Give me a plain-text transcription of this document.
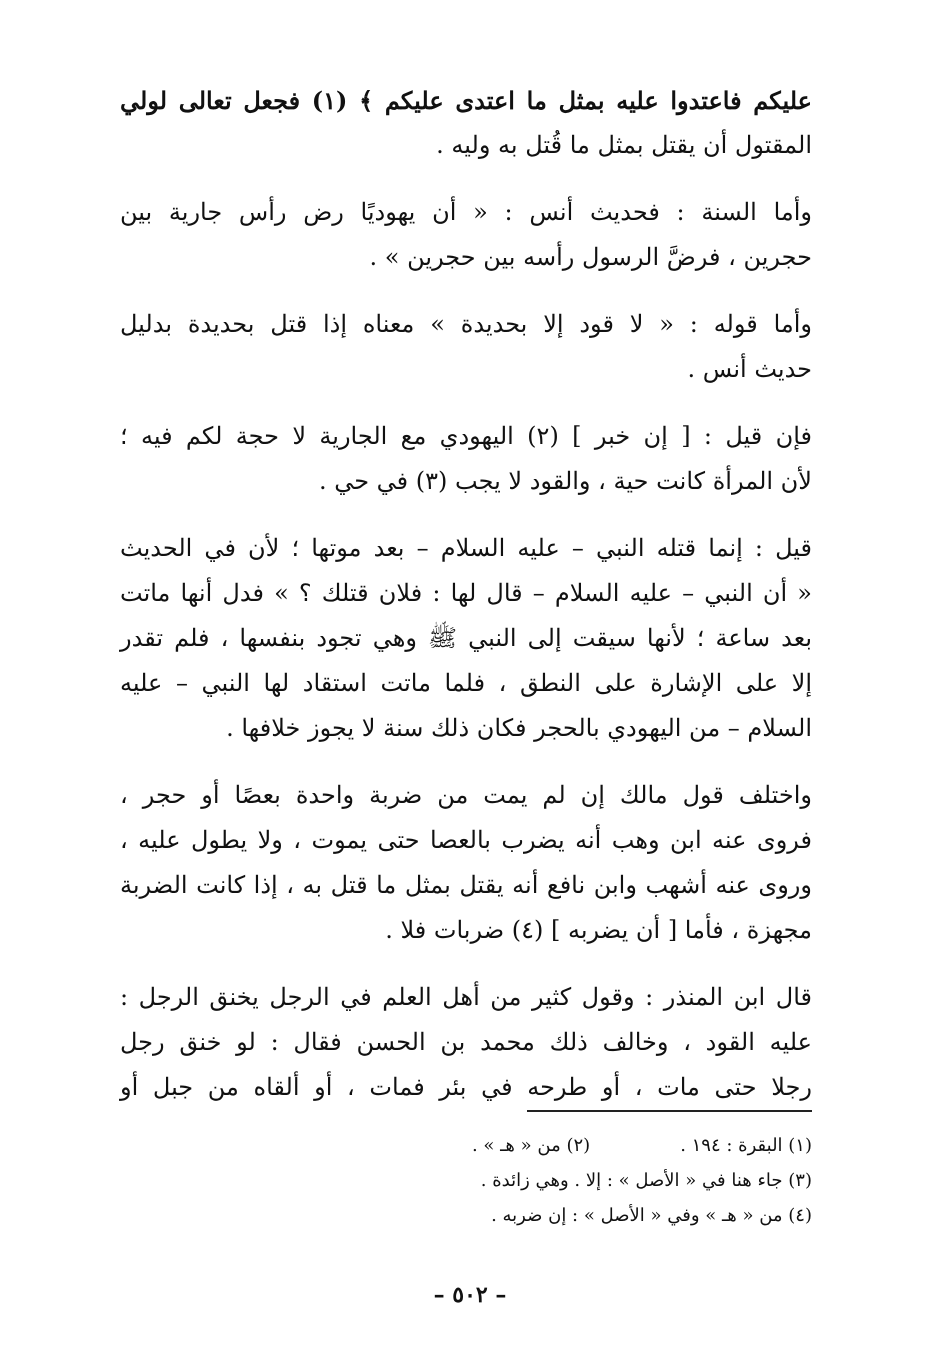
عليكم فاعتدوا عليه بمثل ما اعتدى عليكم ﴾ (١) فجعل تعالى لولي
المقتول أن يقتل بمثل ما قُتل به وليه .
وأما السنة : فحديث أنس : « أن يهوديًا رض رأس جارية بين
حجرين ، فرضَّ الرسول رأسه بين حجرين » .
وأما قوله : « لا قود إلا بحديدة » معناه إذا قتل بحديدة بدليل
حديث أنس .
فإن قيل : [ إن خبر ] (٢) اليهودي مع الجارية لا حجة لكم فيه ؛
لأن المرأة كانت حية ، والقود لا يجب (٣) في حي .
قيل : إنما قتله النبي – عليه السلام – بعد موتها ؛ لأن في الحديث
« أن النبي – عليه السلام – قال لها : فلان قتلك ؟ » فدل أنها ماتت
بعد ساعة ؛ لأنها سيقت إلى النبي ﷺ وهي تجود بنفسها ، فلم تقدر
إلا على الإشارة على النطق ، فلما ماتت استقاد لها النبي – عليه
السلام – من اليهودي بالحجر فكان ذلك سنة لا يجوز خلافها .
واختلف قول مالك إن لم يمت من ضربة واحدة بعصًا أو حجر ،
فروى عنه ابن وهب أنه يضرب بالعصا حتى يموت ، ولا يطول عليه ،
وروى عنه أشهب وابن نافع أنه يقتل بمثل ما قتل به ، إذا كانت الضربة
مجهزة ، فأما [ أن يضربه ] (٤) ضربات فلا .
قال ابن المنذر : وقول كثير من أهل العلم في الرجل يخنق الرجل :
عليه القود ، وخالف ذلك محمد بن الحسن فقال : لو خنق رجل
رجلا حتى مات ، أو طرحه في بئر فمات ، أو ألقاه من جبل أو
(١) البقرة : ١٩٤ .
(٢) من « هـ » .
(٣) جاء هنا في « الأصل » : إلا . وهي زائدة .
(٤) من « هـ » وفي « الأصل » : إن ضربه .
– ٥٠٢ –
